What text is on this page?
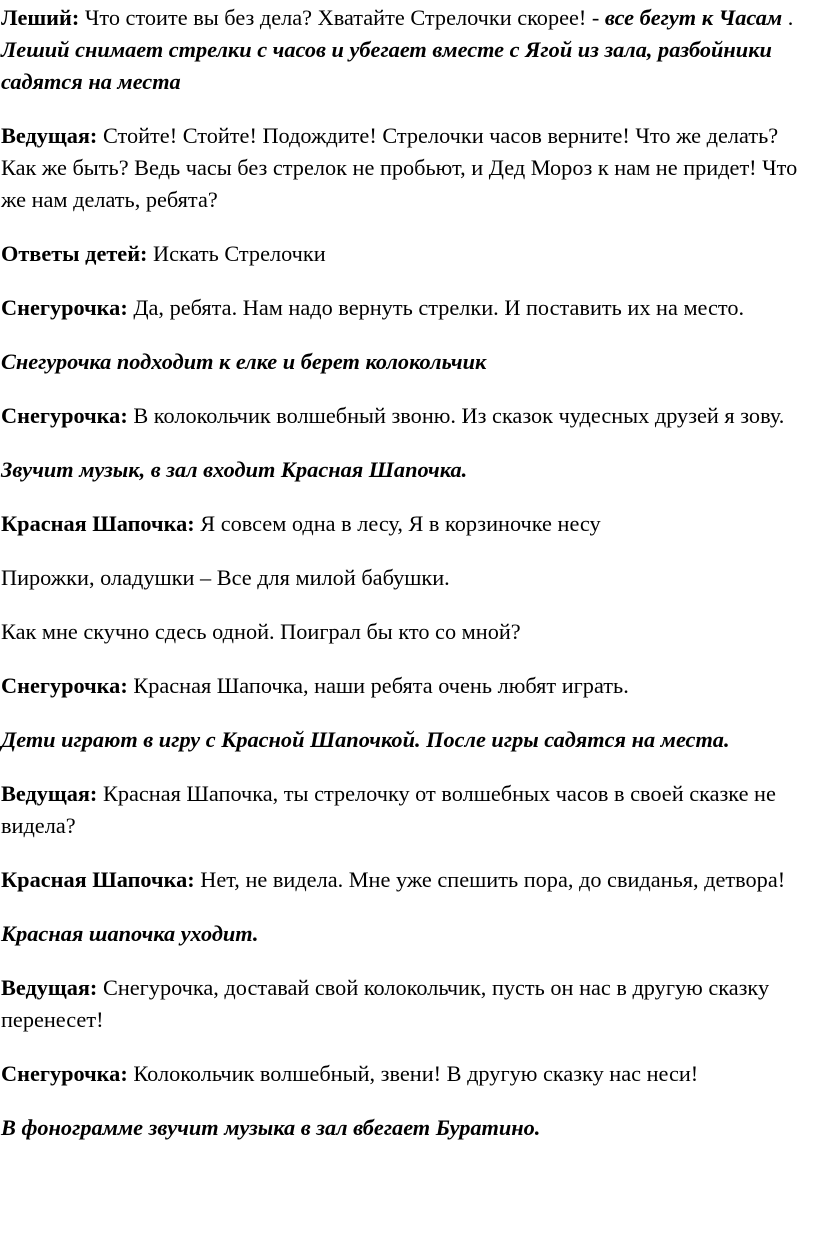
Леший: Что стоите вы без дела? Хватайте Стрелочки скорее! - все бегут к Часам . Леший снимает стрелки с часов и убегает вместе с Ягой из зала, разбойники садятся на места

Ведущая: Стойте! Стойте! Подождите! Стрелочки часов верните! Что же делать? Как же быть? Ведь часы без стрелок не пробьют, и Дед Мороз к нам не придет! Что же нам делать, ребята?

Ответы детей: Искать Стрелочки

Снегурочка: Да, ребята. Нам надо вернуть стрелки. И поставить их на место.

Снегурочка подходит к елке и берет колокольчик

Снегурочка: В колокольчик волшебный звоню. Из сказок чудесных друзей я зову.

Звучит музык, в зал входит Красная Шапочка.

Красная Шапочка: Я совсем одна в лесу, Я в корзиночке несу

Пирожки, оладушки – Все для милой бабушки.

Как мне скучно сдесь одной. Поиграл бы кто со мной?

Снегурочка: Красная Шапочка, наши ребята очень любят играть.

Дети играют в игру с Красной Шапочкой. После игры садятся на места.

Ведущая: Красная Шапочка, ты стрелочку от волшебных часов в своей сказке не видела?

Красная Шапочка: Нет, не видела. Мне уже спешить пора, до свиданья, детвора!

Красная шапочка уходит.

Ведущая: Снегурочка, доставай свой колокольчик, пусть он нас в другую сказку перенесет!

Снегурочка: Колокольчик волшебный, звени! В другую сказку нас неси!

В фонограмме звучит музыка в зал вбегает Буратино.
